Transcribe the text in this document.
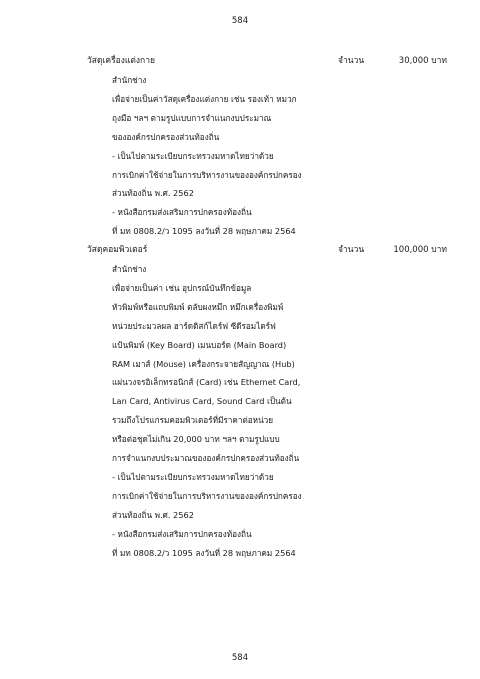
584
วัสดุเครื่องแต่งกาย	จำนวน	30,000 บาท
สำนักช่าง
เพื่อจ่ายเป็นค่าวัสดุเครื่องแต่งกาย เช่น รองเท้า หมวก
ถุงมือ ฯลฯ ตามรูปแบบการจำแนกงบประมาณ
ขององค์กรปกครองส่วนท้องถิ่น
- เป็นไปตามระเบียบกระทรวงมหาดไทยว่าด้วย
การเบิกค่าใช้จ่ายในการบริหารงานขององค์กรปกครอง
ส่วนท้องถิ่น พ.ศ. 2562
- หนังสือกรมส่งเสริมการปกครองท้องถิ่น
ที่ มท 0808.2/ว 1095 ลงวันที่ 28 พฤษภาคม 2564
วัสดุคอมพิวเตอร์	จำนวน	100,000 บาท
สำนักช่าง
เพื่อจ่ายเป็นค่า เช่น อุปกรณ์บันทึกข้อมูล
หัวพิมพ์หรือแถบพิมพ์ ตลับผงหมึก หมึกเครื่องพิมพ์
หน่วยประมวลผล ฮาร์ดดิสก์ไดร์ฟ ซีดีรอมไดร์ฟ
แป้นพิมพ์ (Key Board) เมนบอร์ด (Main Board)
RAM เมาส์ (Mouse) เครื่องกระจายสัญญาณ (Hub)
แผ่นวงจรอิเล็กทรอนิกส์ (Card) เช่น Ethernet Card,
Lan Card, Antivirus Card, Sound Card เป็นต้น
รวมถึงโปรแกรมคอมพิวเตอร์ที่มีราคาต่อหน่วย
หรือต่อชุดไม่เกิน 20,000 บาท ฯลฯ ตามรูปแบบ
การจำแนกงบประมาณขององค์กรปกครองส่วนท้องถิ่น
- เป็นไปตามระเบียบกระทรวงมหาดไทยว่าด้วย
การเบิกค่าใช้จ่ายในการบริหารงานขององค์กรปกครอง
ส่วนท้องถิ่น พ.ศ. 2562
- หนังสือกรมส่งเสริมการปกครองท้องถิ่น
ที่ มท 0808.2/ว 1095 ลงวันที่ 28 พฤษภาคม 2564
584
